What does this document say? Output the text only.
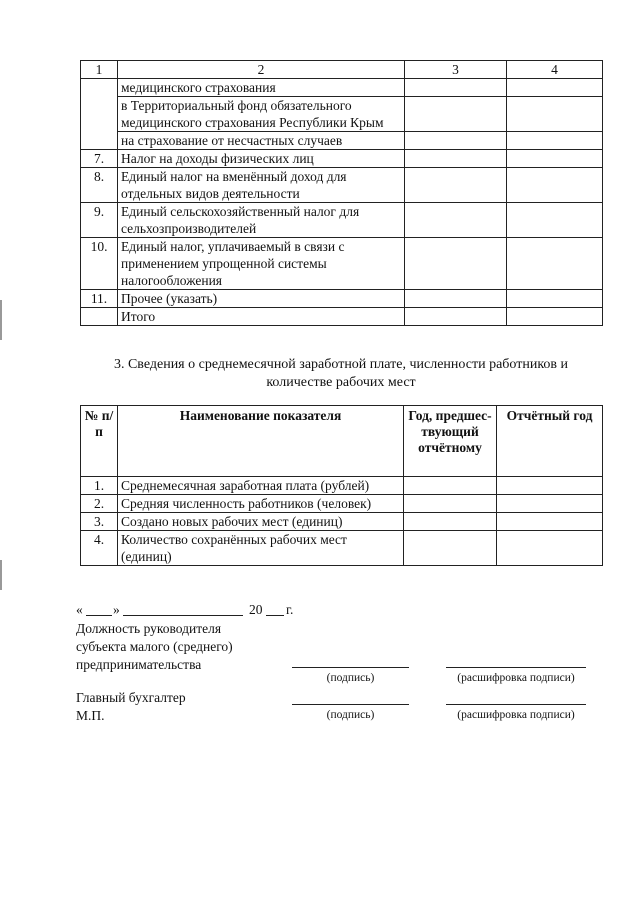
1	2	3	4
	медицинского страхования		
	в Территориальный фонд обязательного медицинского страхования Республики Крым		
	на страхование от несчастных случаев		
7.	Налог на доходы физических лиц		
8.	Единый налог на вменённый доход для отдельных видов деятельности		
9.	Единый сельскохозяйственный налог для сельхозпроизводителей		
10.	Единый налог, уплачиваемый в связи с применением упрощенной системы налогообложения		
11.	Прочее (указать)		
	Итого		
3. Сведения о среднемесячной заработной плате, численности работников и количестве рабочих мест
№ п/п	Наименование показателя	Год, предшес-твующий отчётному	Отчётный год
1.	Среднемесячная заработная плата (рублей)		
2.	Средняя численность работников (человек)		
3.	Создано новых рабочих мест (единиц)		
4.	Количество сохранённых рабочих мест (единиц)		
« »	20 г.
Должность руководителя
субъекта малого (среднего)
предпринимательства
(подпись)	(расшифровка подписи)
Главный бухгалтер
М.П.	(подпись)	(расшифровка подписи)
